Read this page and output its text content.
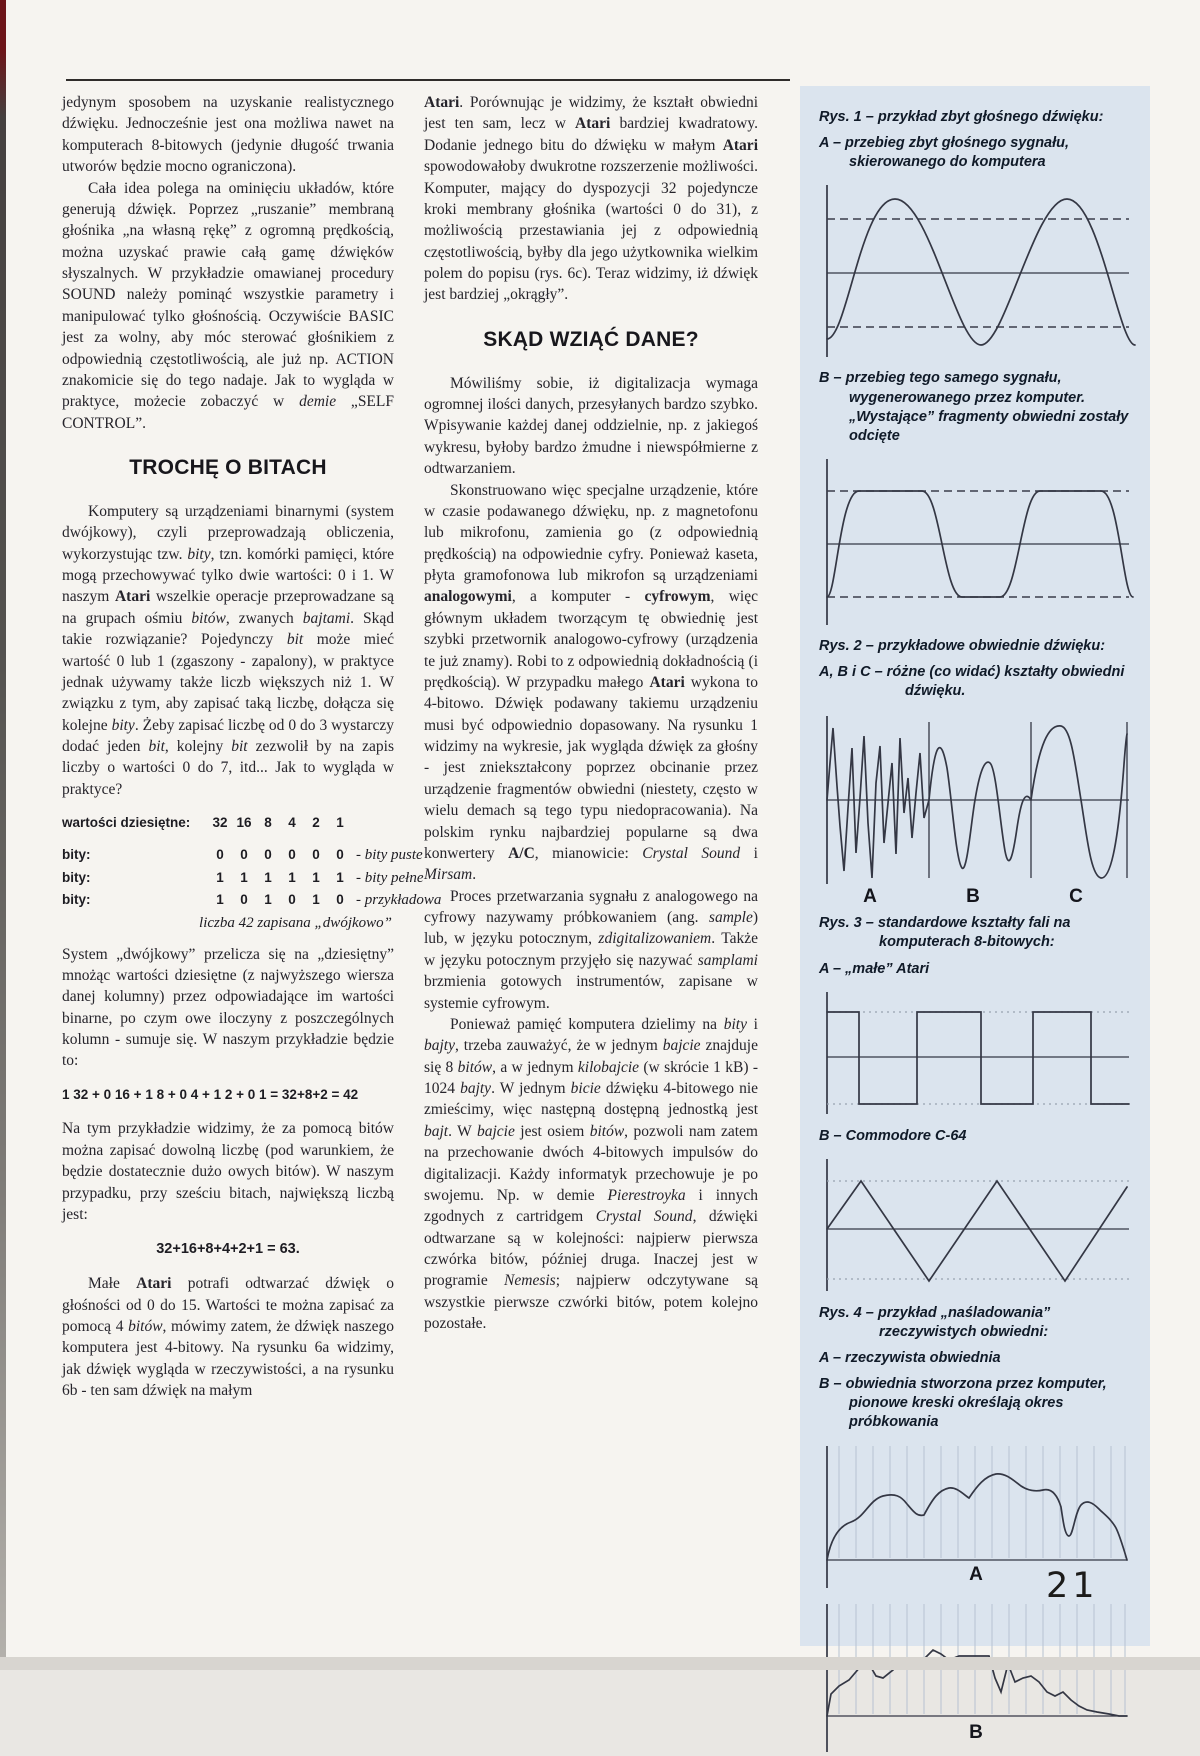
jedynym sposobem na uzyskanie realistycznego dźwięku. Jednocześnie jest ona możliwa nawet na komputerach 8-bitowych (jedynie długość trwania utworów będzie mocno ograniczona).

Cała idea polega na ominięciu układów, które generują dźwięk. Poprzez „ruszanie” membraną głośnika „na własną rękę” z ogromną prędkością, można uzyskać prawie całą gamę dźwięków słyszalnych. W przykładzie omawianej procedury SOUND należy pominąć wszystkie parametry i manipulować tylko głośnością. Oczywiście BASIC jest za wolny, aby móc sterować głośnikiem z odpowiednią częstotliwością, ale już np. ACTION znakomicie się do tego nadaje. Jak to wygląda w praktyce, możecie zobaczyć w demie „SELF CONTROL”.

TROCHĘ O BITACH

Komputery są urządzeniami binarnymi (system dwójkowy), czyli przeprowadzają obliczenia, wykorzystując tzw. bity, tzn. komórki pamięci, które mogą przechowywać tylko dwie wartości: 0 i 1. W naszym Atari wszelkie operacje przeprowadzane są na grupach ośmiu bitów, zwanych bajtami. Skąd takie rozwiązanie? Pojedynczy bit może mieć wartość 0 lub 1 (zgaszony - zapalony), w praktyce jednak używamy także liczb większych niż 1. W związku z tym, aby zapisać taką liczbę, dołącza się kolejne bity. Żeby zapisać liczbę od 0 do 3 wystarczy dodać jeden bit, kolejny bit zezwolił by na zapis liczby o wartości 0 do 7, itd... Jak to wygląda w praktyce?

wartości dziesiętne:	32 16 8	4	2	1
bity:	0	0	0	0	0	0 - bity puste
bity:	1	1	1	1	1	1 - bity pełne
bity:	1	0	1	0	1	0 - przykładowa
liczba 42 zapisana „dwójkowo”

System „dwójkowy” przelicza się na „dziesiętny” mnożąc wartości dziesiętne (z najwyższego wiersza danej kolumny) przez odpowiadające im wartości binarne, po czym owe iloczyny z poszczególnych kolumn - sumuje się. W naszym przykładzie będzie to:

1 32 + 0 16 + 1 8 + 0 4 + 1 2 + 0 1 = 32+8+2 = 42

Na tym przykładzie widzimy, że za pomocą bitów można zapisać dowolną liczbę (pod warunkiem, że będzie dostatecznie dużo owych bitów). W naszym przypadku, przy sześciu bitach, największą liczbą jest:

32+16+8+4+2+1 = 63.

Małe Atari potrafi odtwarzać dźwięk o głośności od 0 do 15. Wartości te można zapisać za pomocą 4 bitów, mówimy zatem, że dźwięk naszego komputera jest 4-bitowy. Na rysunku 6a widzimy, jak dźwięk wygląda w rzeczywistości, a na rysunku 6b - ten sam dźwięk na małym

Atari. Porównując je widzimy, że kształt obwiedni jest ten sam, lecz w Atari bardziej kwadratowy. Dodanie jednego bitu do dźwięku w małym Atari spowodowałoby dwukrotne rozszerzenie możliwości. Komputer, mający do dyspozycji 32 pojedyncze kroki membrany głośnika (wartości 0 do 31), z możliwością przestawiania jej z odpowiednią częstotliwością, byłby dla jego użytkownika wielkim polem do popisu (rys. 6c). Teraz widzimy, iż dźwięk jest bardziej „okrągły”.

SKĄD WZIĄĆ DANE?

Mówiliśmy sobie, iż digitalizacja wymaga ogromnej ilości danych, przesyłanych bardzo szybko. Wpisywanie każdej danej oddzielnie, np. z jakiegoś wykresu, byłoby bardzo żmudne i niewspółmierne z odtwarzaniem.

Skonstruowano więc specjalne urządzenie, które w czasie podawanego dźwięku, np. z magnetofonu lub mikrofonu, zamienia go (z odpowiednią prędkością) na odpowiednie cyfry. Ponieważ kaseta, płyta gramofonowa lub mikrofon są urządzeniami analogowymi, a komputer - cyfrowym, więc głównym układem tworzącym tę obwiednię jest szybki przetwornik analogowo-cyfrowy (urządzenia te już znamy). Robi to z odpowiednią dokładnością (i prędkością). W przypadku małego Atari wykona to 4-bitowo. Dźwięk podawany takiemu urządzeniu musi być odpowiednio dopasowany. Na rysunku 1 widzimy na wykresie, jak wygląda dźwięk za głośny - jest zniekształcony poprzez obcinanie przez urządzenie fragmentów obwiedni (niestety, często w wielu demach są tego typu niedopracowania). Na polskim rynku najbardziej popularne są dwa konwertery A/C, mianowicie: Crystal Sound i Mirsam.

Proces przetwarzania sygnału z analogowego na cyfrowy nazywamy próbkowaniem (ang. sample) lub, w języku potocznym, zdigitalizowaniem. Także w języku potocznym przyjęło się nazywać samplami brzmienia gotowych instrumentów, zapisane w systemie cyfrowym.

Ponieważ pamięć komputera dzielimy na bity i bajty, trzeba zauważyć, że w jednym bajcie znajduje się 8 bitów, a w jednym kilobajcie (w skrócie 1 kB) - 1024 bajty. W jednym bicie dźwięku 4-bitowego nie zmieścimy, więc następną dostępną jednostką jest bajt. W bajcie jest osiem bitów, pozwoli nam zatem na przechowanie dwóch 4-bitowych impulsów do digitalizacji. Każdy informatyk przechowuje je po swojemu. Np. w demie Pierestroyka i innych zgodnych z cartridgem Crystal Sound, dźwięki odtwarzane są w kolejności: najpierw pierwsza czwórka bitów, później druga. Inaczej jest w programie Nemesis; najpierw odczytywane są wszystkie pierwsze czwórki bitów, potem kolejno pozostałe.

Rys. 1 – przykład zbyt głośnego dźwięku:

A – przebieg zbyt głośnego sygnału, skierowanego do komputera

B – przebieg tego samego sygnału, wygenerowanego przez komputer. „Wystające” fragmenty obwiedni zostały odcięte

Rys. 2 – przykładowe obwiednie dźwięku:

A, B i C – różne (co widać) kształty obwiedni dźwięku.

A	B	C

Rys. 3 – standardowe kształty fali na komputerach 8-bitowych:

A – „małe” Atari

B – Commodore C-64

Rys. 4 – przykład „naśladowania” rzeczywistych obwiedni:

A – rzeczywista obwiednia

B – obwiednia stworzona przez komputer, pionowe kreski określają okres próbkowania

A
B
21
